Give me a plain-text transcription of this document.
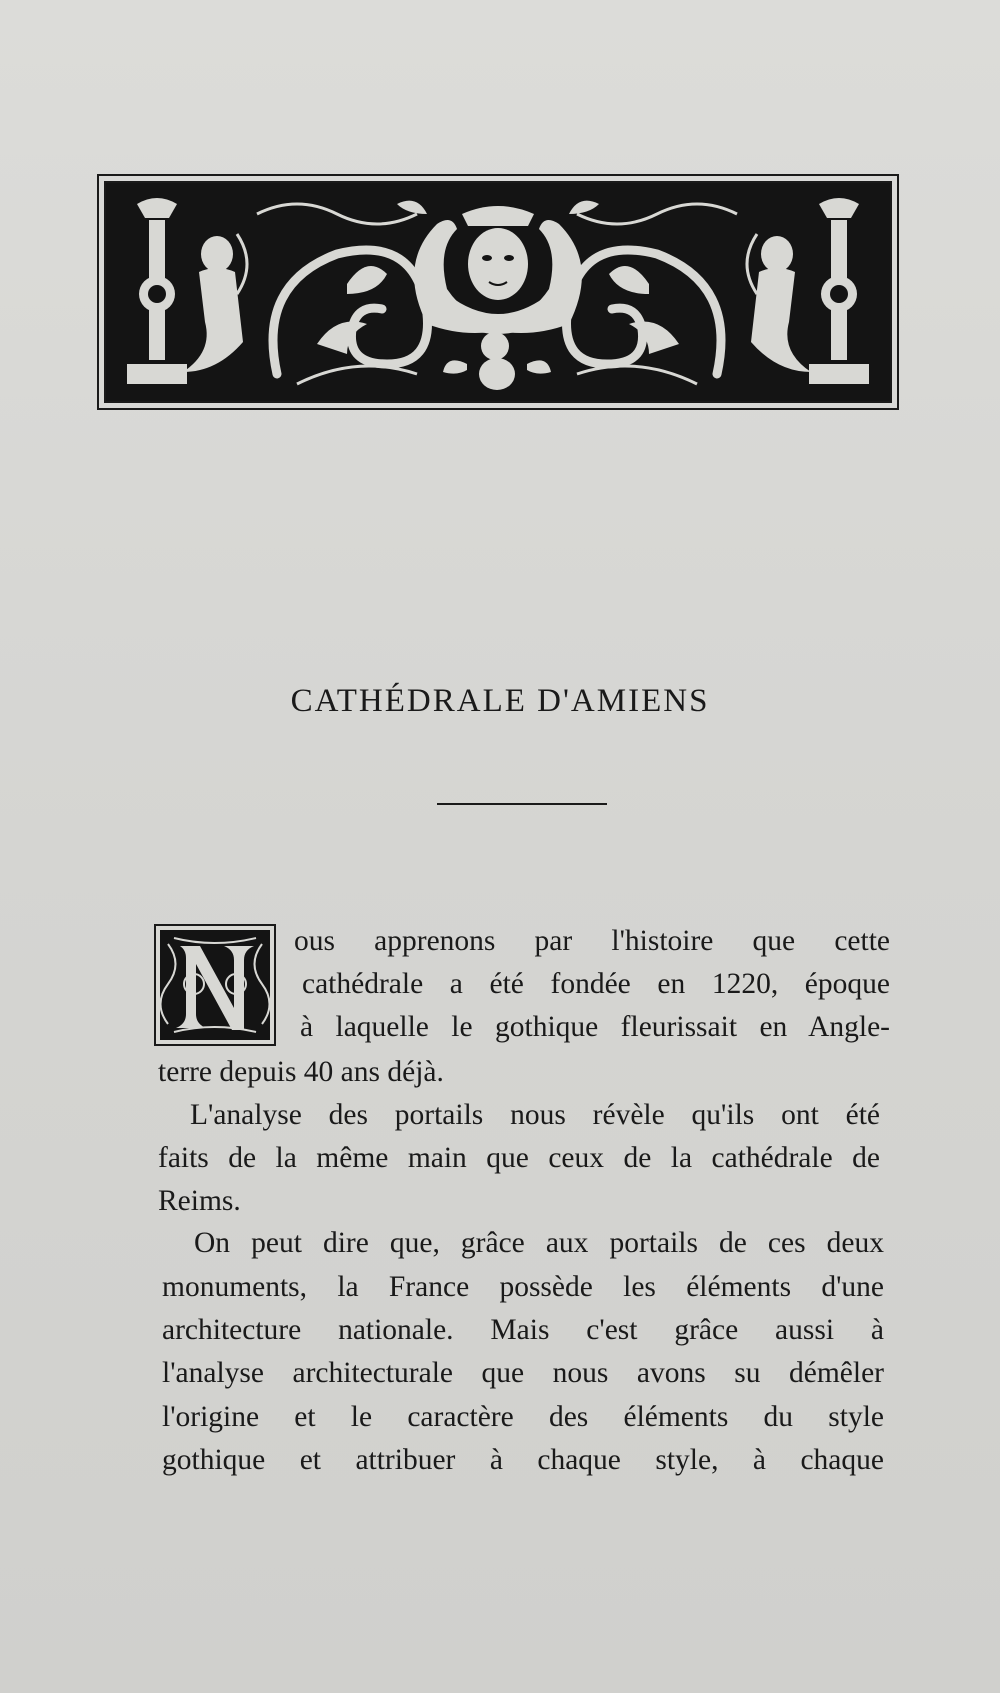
CATHÉDRALE D'AMIENS
ous apprenons par l'histoire que cette
cathédrale a été fondée en 1220, époque
à laquelle le gothique fleurissait en Angle-
terre depuis 40 ans déjà.
L'analyse des portails nous révèle qu'ils ont été
faits de la même main que ceux de la cathédrale de
Reims.
On peut dire que, grâce aux portails de ces deux
monuments, la France possède les éléments d'une
architecture nationale. Mais c'est grâce aussi à
l'analyse architecturale que nous avons su démêler
l'origine et le caractère des éléments du style
gothique et attribuer à chaque style, à chaque
